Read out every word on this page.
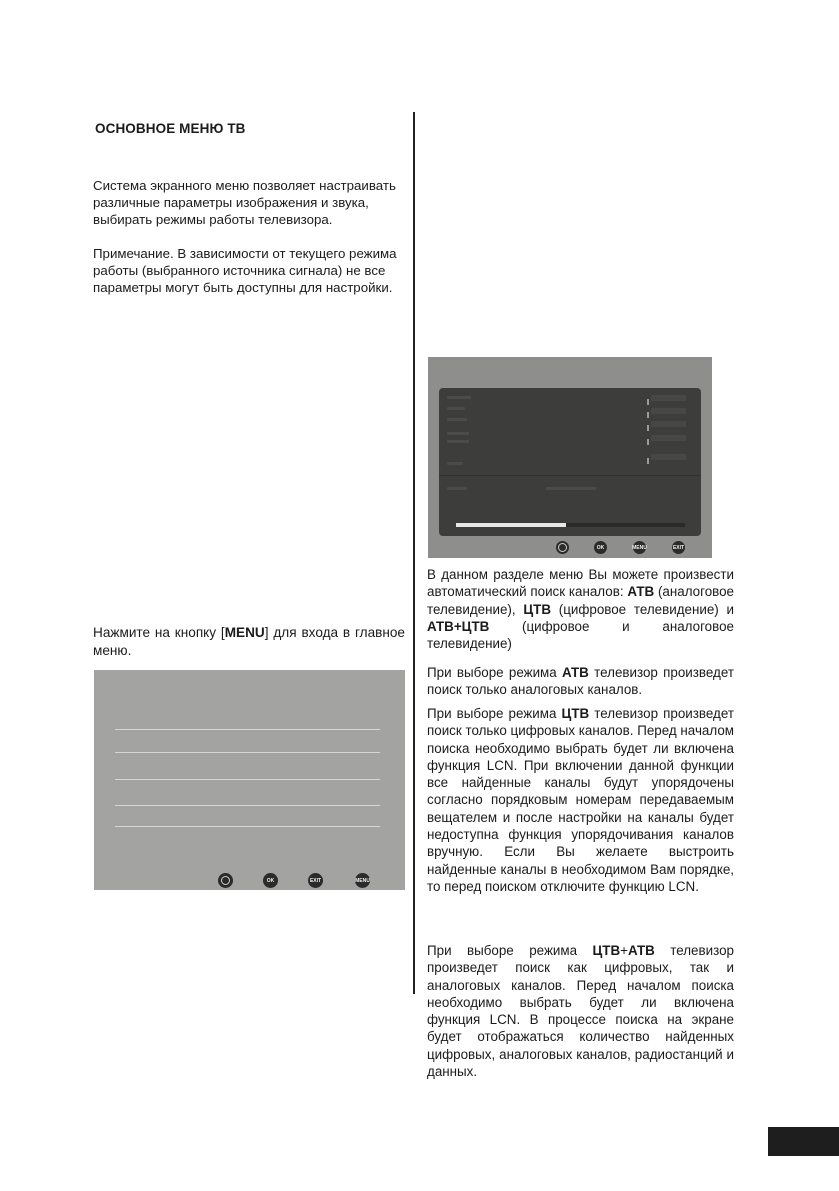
ОСНОВНОЕ МЕНЮ ТВ

Система экранного меню позволяет настраивать различные параметры изображения и звука, выбирать режимы работы телевизора.

Примечание. В зависимости от текущего режима работы (выбранного источника сигнала) не все параметры могут быть доступны для настройки.

Нажмите на кнопку [MENU] для входа в главное меню.

OK	EXIT	MENU
OK	MENU	EXIT

В данном разделе меню Вы можете произвести автоматический поиск каналов: АТВ (аналоговое телевидение), ЦТВ (цифровое телевидение) и АТВ+ЦТВ (цифровое и аналоговое телевидение)

При выборе режима АТВ телевизор произведет поиск только аналоговых каналов.

При выборе режима ЦТВ телевизор произведет поиск только цифровых каналов. Перед началом поиска необходимо выбрать будет ли включена функция LCN. При включении данной функции все найденные каналы будут упорядочены согласно порядковым номерам передаваемым вещателем и после настройки на каналы будет недоступна функция упорядочивания каналов вручную. Если Вы желаете выстроить найденные каналы в необходимом Вам порядке, то перед поиском отключите функцию LCN.

При выборе режима ЦТВ+АТВ телевизор произведет поиск как цифровых, так и аналоговых каналов. Перед началом поиска необходимо выбрать будет ли включена функция LCN. В процессе поиска на экране будет отображаться количество найденных цифровых, аналоговых каналов, радиостанций и данных.
